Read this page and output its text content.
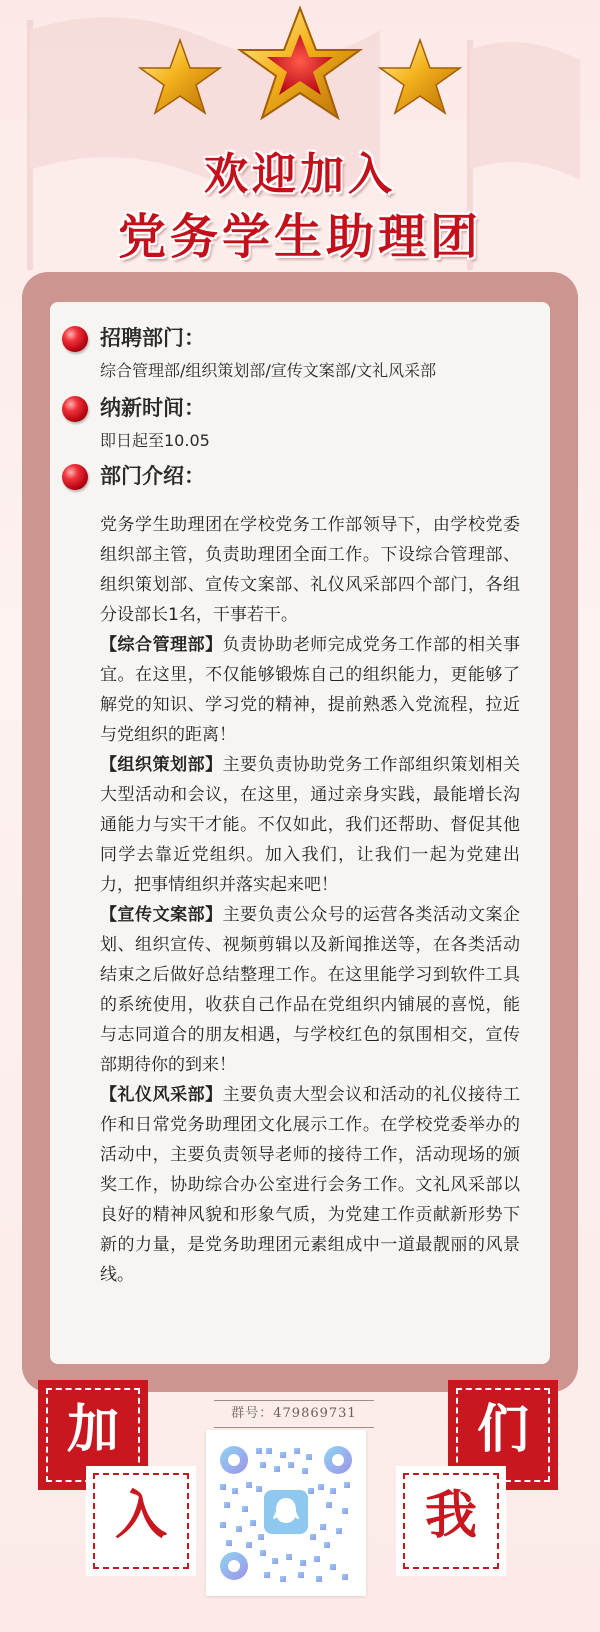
欢迎加入
党务学生助理团
招聘部门：
综合管理部/组织策划部/宣传文案部/文礼风采部
纳新时间：
即日起至10.05
部门介绍：

党务学生助理团在学校党务工作部领导下，由学校党委组织部主管，负责助理团全面工作。下设综合管理部、组织策划部、宣传文案部、礼仪风采部四个部门，各组分设部长1名，干事若干。

【综合管理部】负责协助老师完成党务工作部的相关事宜。在这里，不仅能够锻炼自己的组织能力，更能够了解党的知识、学习党的精神，提前熟悉入党流程，拉近与党组织的距离！

【组织策划部】主要负责协助党务工作部组织策划相关大型活动和会议，在这里，通过亲身实践，最能增长沟通能力与实干才能。不仅如此，我们还帮助、督促其他同学去靠近党组织。加入我们，让我们一起为党建出力，把事情组织并落实起来吧！

【宣传文案部】主要负责公众号的运营各类活动文案企划、组织宣传、视频剪辑以及新闻推送等，在各类活动结束之后做好总结整理工作。在这里能学习到软件工具的系统使用，收获自己作品在党组织内铺展的喜悦，能与志同道合的朋友相遇，与学校红色的氛围相交，宣传部期待你的到来！

【礼仪风采部】主要负责大型会议和活动的礼仪接待工作和日常党务助理团文化展示工作。在学校党委举办的活动中，主要负责领导老师的接待工作，活动现场的颁奖工作，协助综合办公室进行会务工作。文礼风采部以良好的精神风貌和形象气质，为党建工作贡献新形势下新的力量，是党务助理团元素组成中一道最靓丽的风景线。

群号：479869731
加
入
们
我
